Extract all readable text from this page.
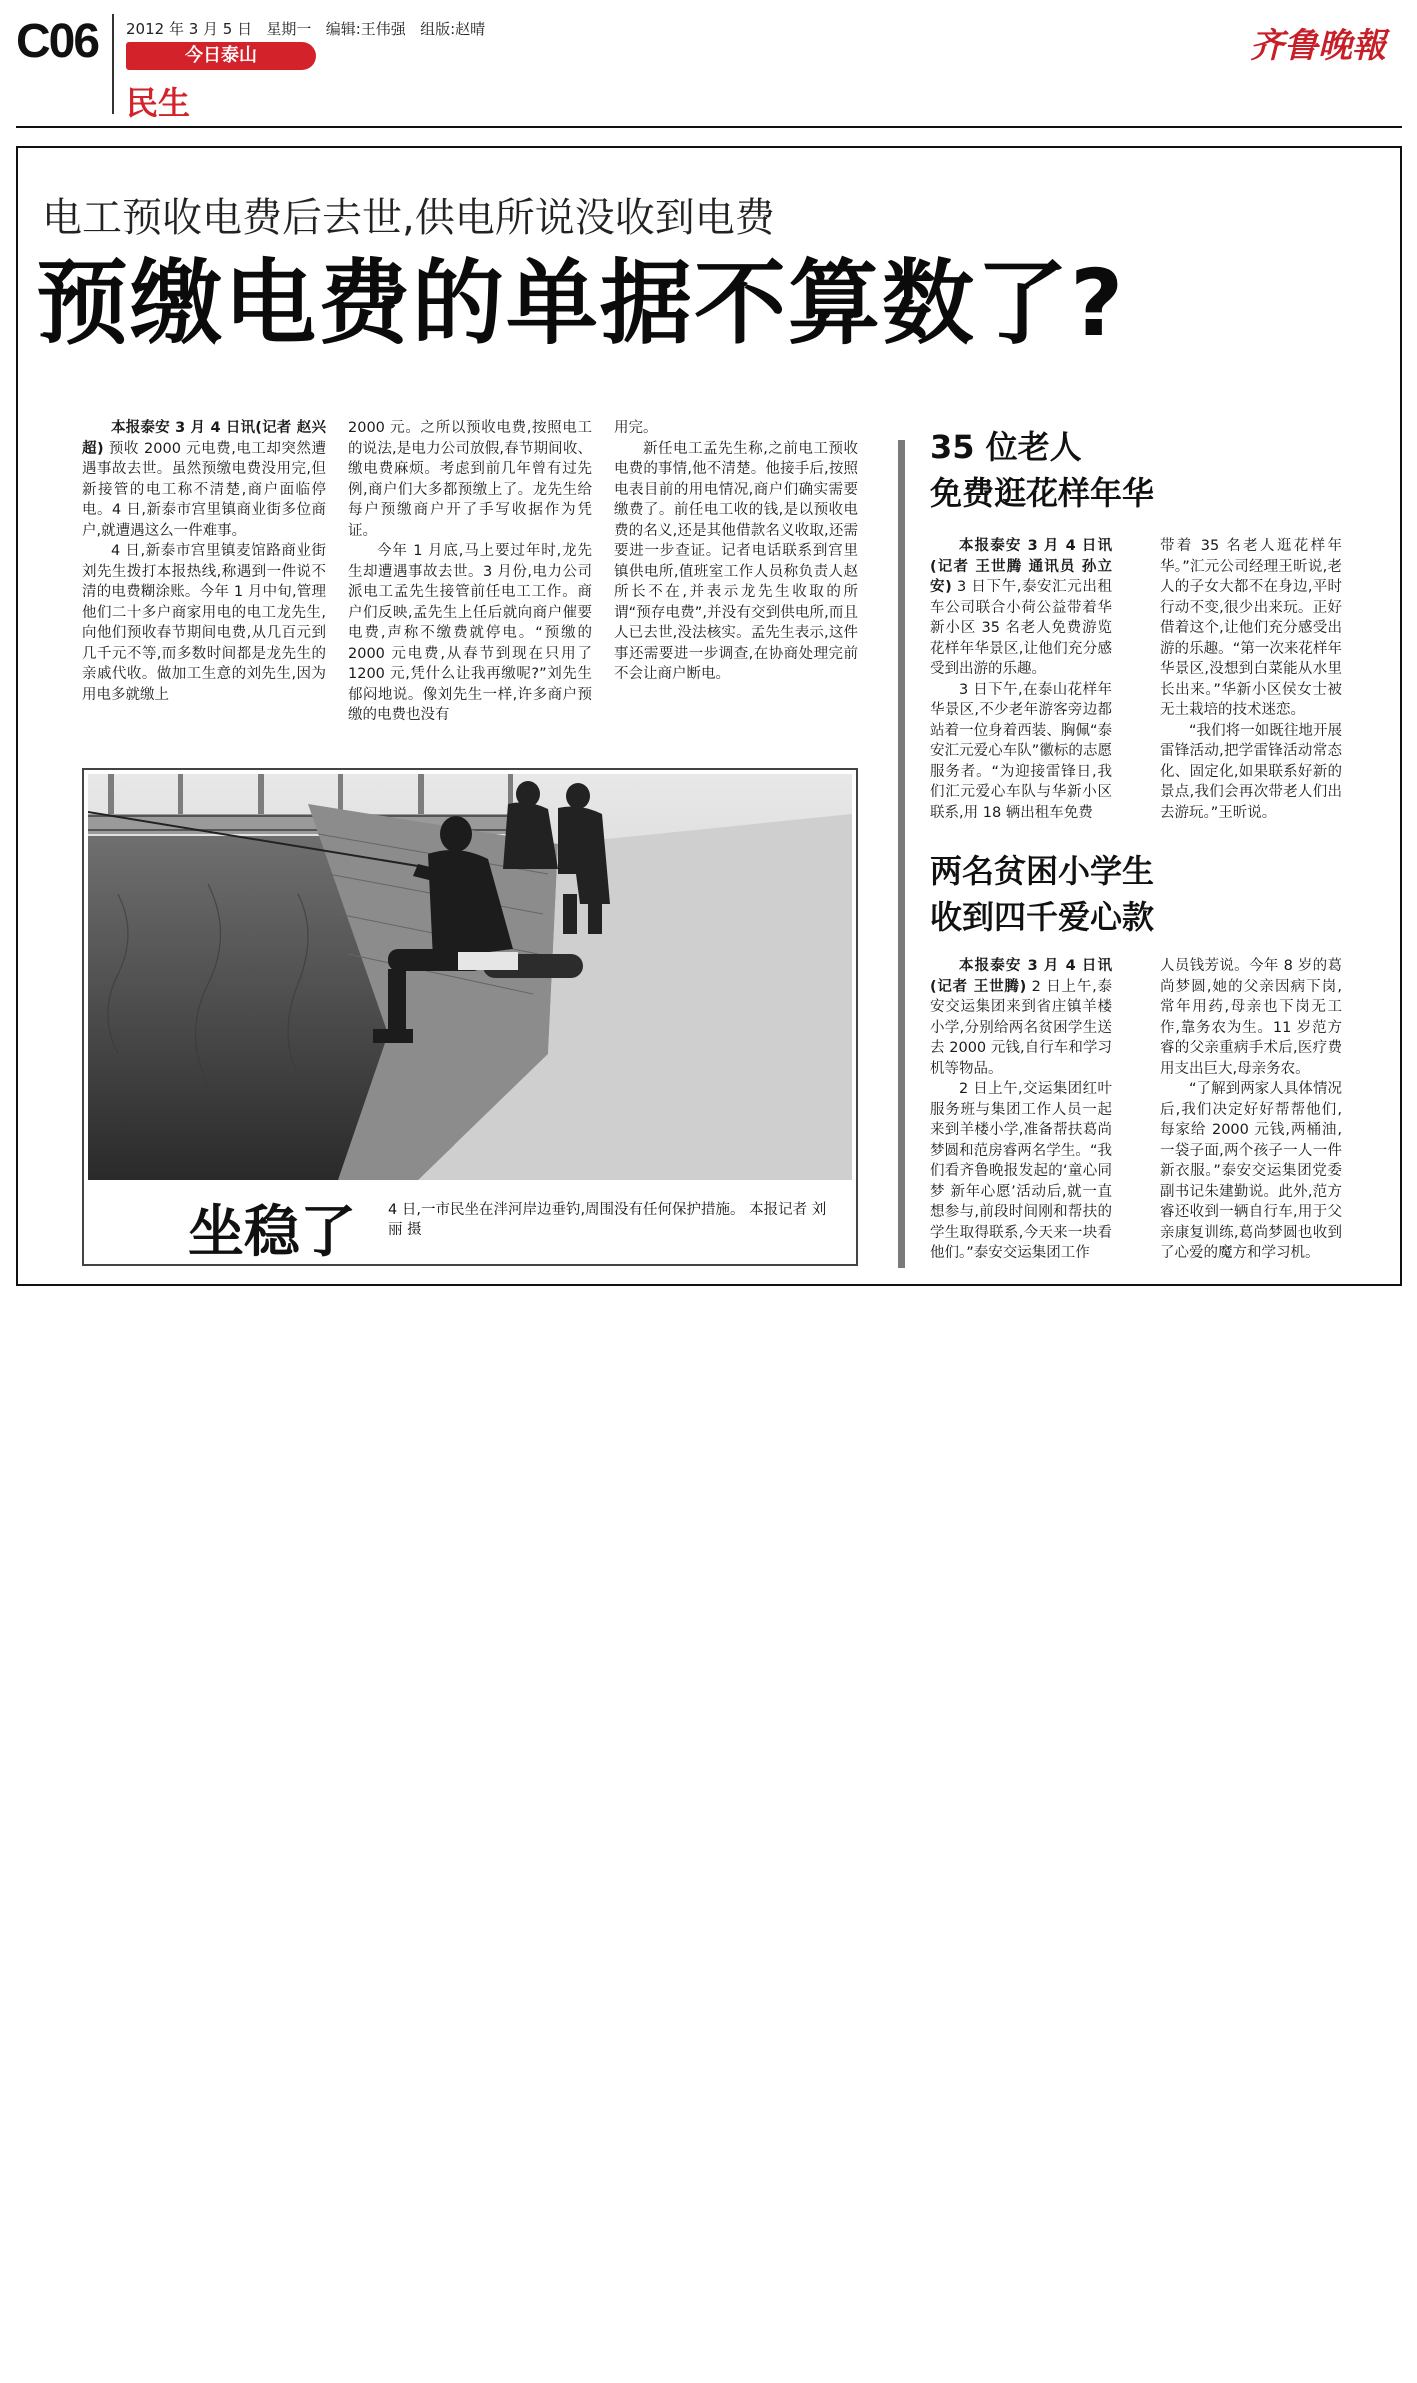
C06 2012 年 3 月 5 日   星期一   编辑:王伟强   组版:赵晴
今日泰山
民生
齐鲁晚報
电工预收电费后去世,供电所说没收到电费
预缴电费的单据不算数了?

本报泰安 3 月 4 日讯(记者 赵兴超) 预收 2000 元电费,电工却突然遭遇事故去世。虽然预缴电费没用完,但新接管的电工称不清楚,商户面临停电。4 日,新泰市宫里镇商业街多位商户,就遭遇这么一件难事。

4 日,新泰市宫里镇麦馆路商业街刘先生拨打本报热线,称遇到一件说不清的电费糊涂账。今年 1 月中旬,管理他们二十多户商家用电的电工龙先生,向他们预收春节期间电费,从几百元到几千元不等,而多数时间都是龙先生的亲戚代收。做加工生意的刘先生,因为用电多就缴上

2000 元。之所以预收电费,按照电工的说法,是电力公司放假,春节期间收、缴电费麻烦。考虑到前几年曾有过先例,商户们大多都预缴上了。龙先生给每户预缴商户开了手写收据作为凭证。

今年 1 月底,马上要过年时,龙先生却遭遇事故去世。3 月份,电力公司派电工孟先生接管前任电工工作。商户们反映,孟先生上任后就向商户催要电费,声称不缴费就停电。“预缴的 2000 元电费,从春节到现在只用了 1200 元,凭什么让我再缴呢?”刘先生郁闷地说。像刘先生一样,许多商户预缴的电费也没有

用完。

新任电工孟先生称,之前电工预收电费的事情,他不清楚。他接手后,按照电表目前的用电情况,商户们确实需要缴费了。前任电工收的钱,是以预收电费的名义,还是其他借款名义收取,还需要进一步查证。记者电话联系到宫里镇供电所,值班室工作人员称负责人赵所长不在,并表示龙先生收取的所谓“预存电费”,并没有交到供电所,而且人已去世,没法核实。孟先生表示,这件事还需要进一步调查,在协商处理完前不会让商户断电。

坐稳了 4 日,一市民坐在泮河岸边垂钓,周围没有任何保护措施。 本报记者 刘丽 摄
35 位老人
免费逛花样年华

本报泰安 3 月 4 日讯(记者 王世腾 通讯员 孙立安) 3 日下午,泰安汇元出租车公司联合小荷公益带着华新小区 35 名老人免费游览花样年华景区,让他们充分感受到出游的乐趣。

3 日下午,在泰山花样年华景区,不少老年游客旁边都站着一位身着西装、胸佩“泰安汇元爱心车队”徽标的志愿服务者。“为迎接雷锋日,我们汇元爱心车队与华新小区联系,用 18 辆出租车免费

带着 35 名老人逛花样年华。”汇元公司经理王昕说,老人的子女大都不在身边,平时行动不变,很少出来玩。正好借着这个,让他们充分感受出游的乐趣。“第一次来花样年华景区,没想到白菜能从水里长出来。”华新小区侯女士被无土栽培的技术迷恋。

“我们将一如既往地开展雷锋活动,把学雷锋活动常态化、固定化,如果联系好新的景点,我们会再次带老人们出去游玩。”王昕说。

两名贫困小学生
收到四千爱心款

本报泰安 3 月 4 日讯(记者 王世腾) 2 日上午,泰安交运集团来到省庄镇羊楼小学,分别给两名贫困学生送去 2000 元钱,自行车和学习机等物品。

2 日上午,交运集团红叶服务班与集团工作人员一起来到羊楼小学,准备帮扶葛尚梦圆和范房睿两名学生。“我们看齐鲁晚报发起的‘童心同梦 新年心愿’活动后,就一直想参与,前段时间刚和帮扶的学生取得联系,今天来一块看他们。”泰安交运集团工作

人员钱芳说。今年 8 岁的葛尚梦圆,她的父亲因病下岗,常年用药,母亲也下岗无工作,靠务农为生。11 岁范方睿的父亲重病手术后,医疗费用支出巨大,母亲务农。

“了解到两家人具体情况后,我们决定好好帮帮他们,每家给 2000 元钱,两桶油,一袋子面,两个孩子一人一件新衣服。”泰安交运集团党委副书记朱建勤说。此外,范方睿还收到一辆自行车,用于父亲康复训练,葛尚梦圆也收到了心爱的魔方和学习机。
